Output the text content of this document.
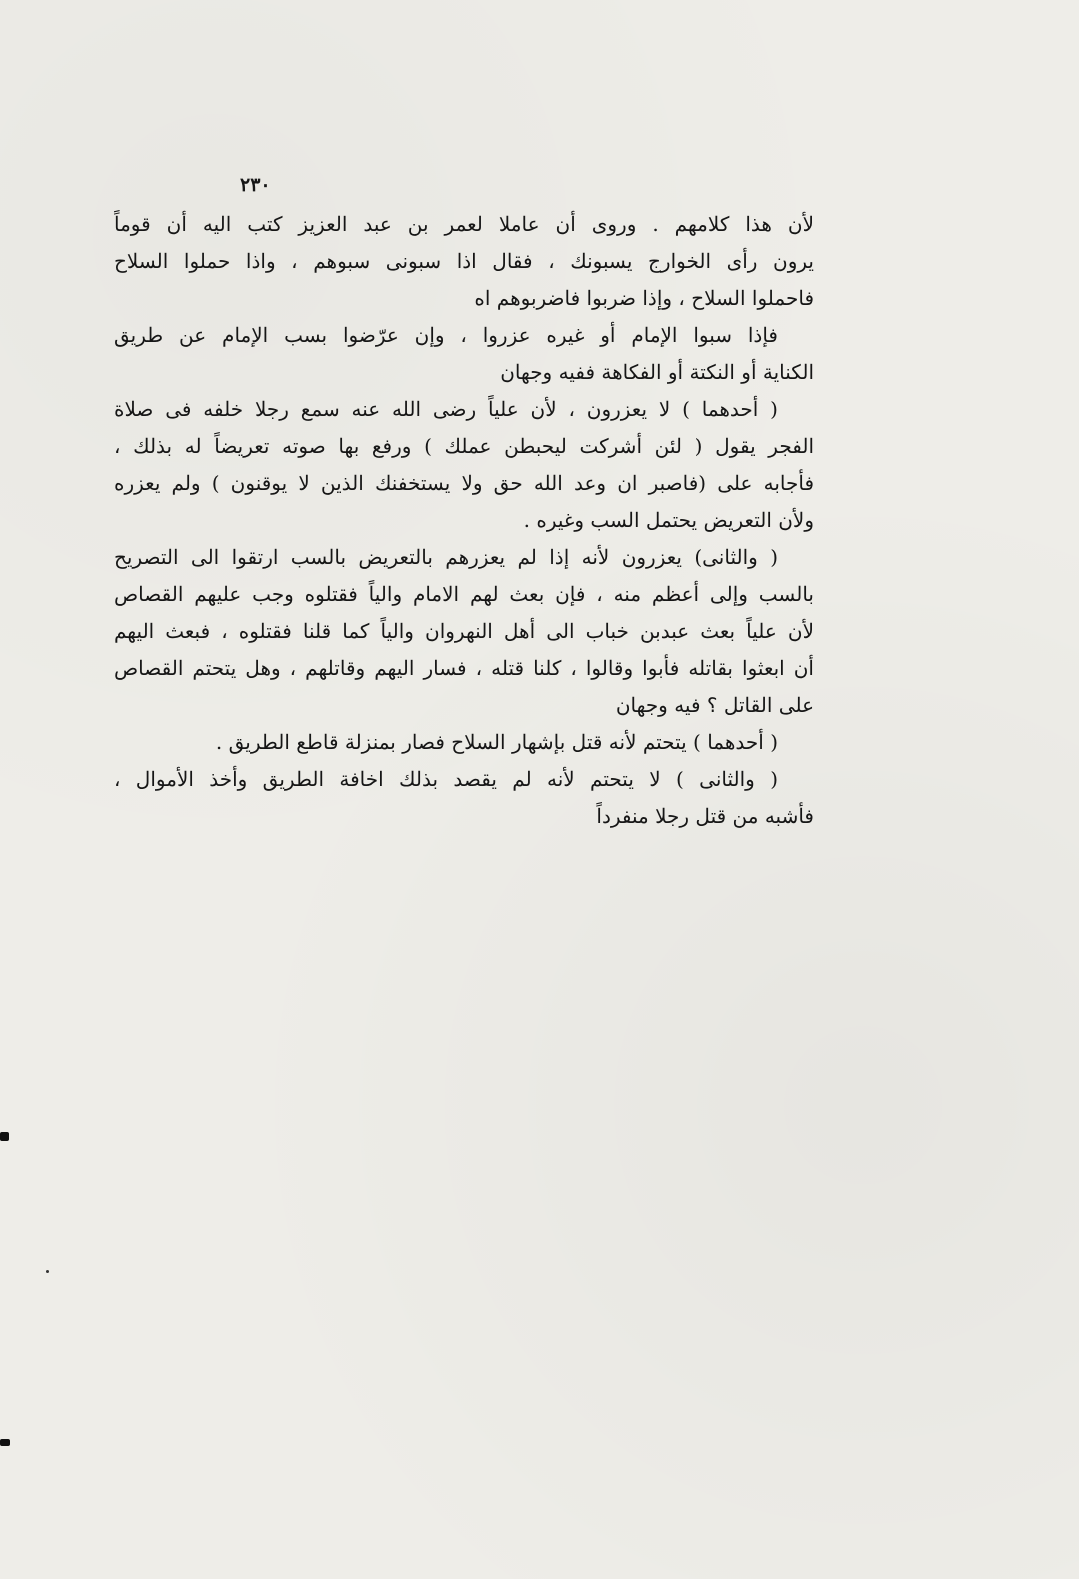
٢٣٠
لأن هذا كلامهم . وروى أن عاملا لعمر بن عبد العزيز كتب اليه أن قوماً
يرون رأى الخوارج يسبونك ، فقال اذا سبونى سبوهم ، واذا حملوا السلاح
فاحملوا السلاح ، وإذا ضربوا فاضربوهم اه
فإذا سبوا الإمام أو غيره عزروا ، وإن عرّضوا بسب الإمام عن طريق
الكناية أو النكتة أو الفكاهة ففيه وجهان
( أحدهما ) لا يعزرون ، لأن علياً رضى الله عنه سمع رجلا خلفه فى صلاة
الفجر يقول ( لئن أشركت ليحبطن عملك ) ورفع بها صوته تعريضاً له بذلك ،
فأجابه على (فاصبر ان وعد الله حق ولا يستخفنك الذين لا يوقنون ) ولم يعزره
ولأن التعريض يحتمل السب وغيره .
( والثانى) يعزرون لأنه إذا لم يعزرهم بالتعريض بالسب ارتقوا الى التصريح
بالسب وإلى أعظم منه ، فإن بعث لهم الامام والياً فقتلوه وجب عليهم القصاص
لأن علياً بعث عبدبن خباب الى أهل النهروان والياً كما قلنا فقتلوه ، فبعث اليهم
أن ابعثوا بقاتله فأبوا وقالوا ، كلنا قتله ، فسار اليهم وقاتلهم ، وهل يتحتم القصاص
على القاتل ؟ فيه وجهان
( أحدهما ) يتحتم لأنه قتل بإشهار السلاح فصار بمنزلة قاطع الطريق .
( والثانى ) لا يتحتم لأنه لم يقصد بذلك اخافة الطريق وأخذ الأموال ،
فأشبه من قتل رجلا منفرداً
